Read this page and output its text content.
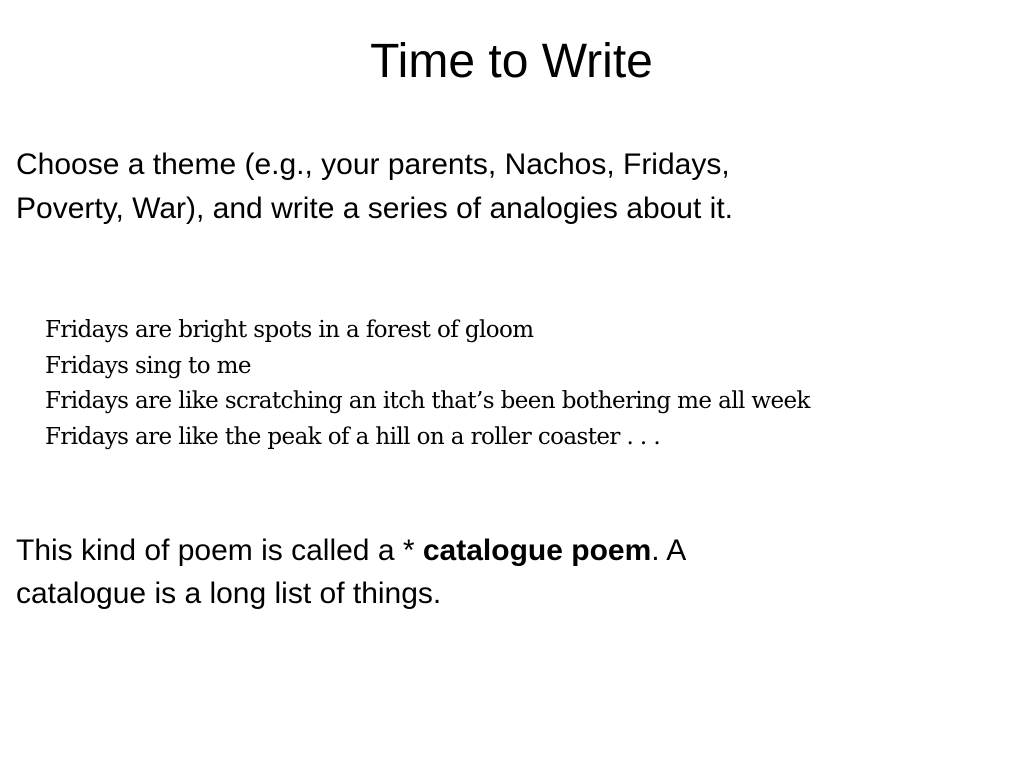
Time to Write

Choose a theme (e.g., your parents, Nachos, Fridays,
Poverty, War), and write a series of analogies about it.

Fridays are bright spots in a forest of gloom
Fridays sing to me
Fridays are like scratching an itch that’s been bothering me all week
Fridays are like the peak of a hill on a roller coaster . . .

This kind of poem is called a * catalogue poem. A
catalogue is a long list of things.
